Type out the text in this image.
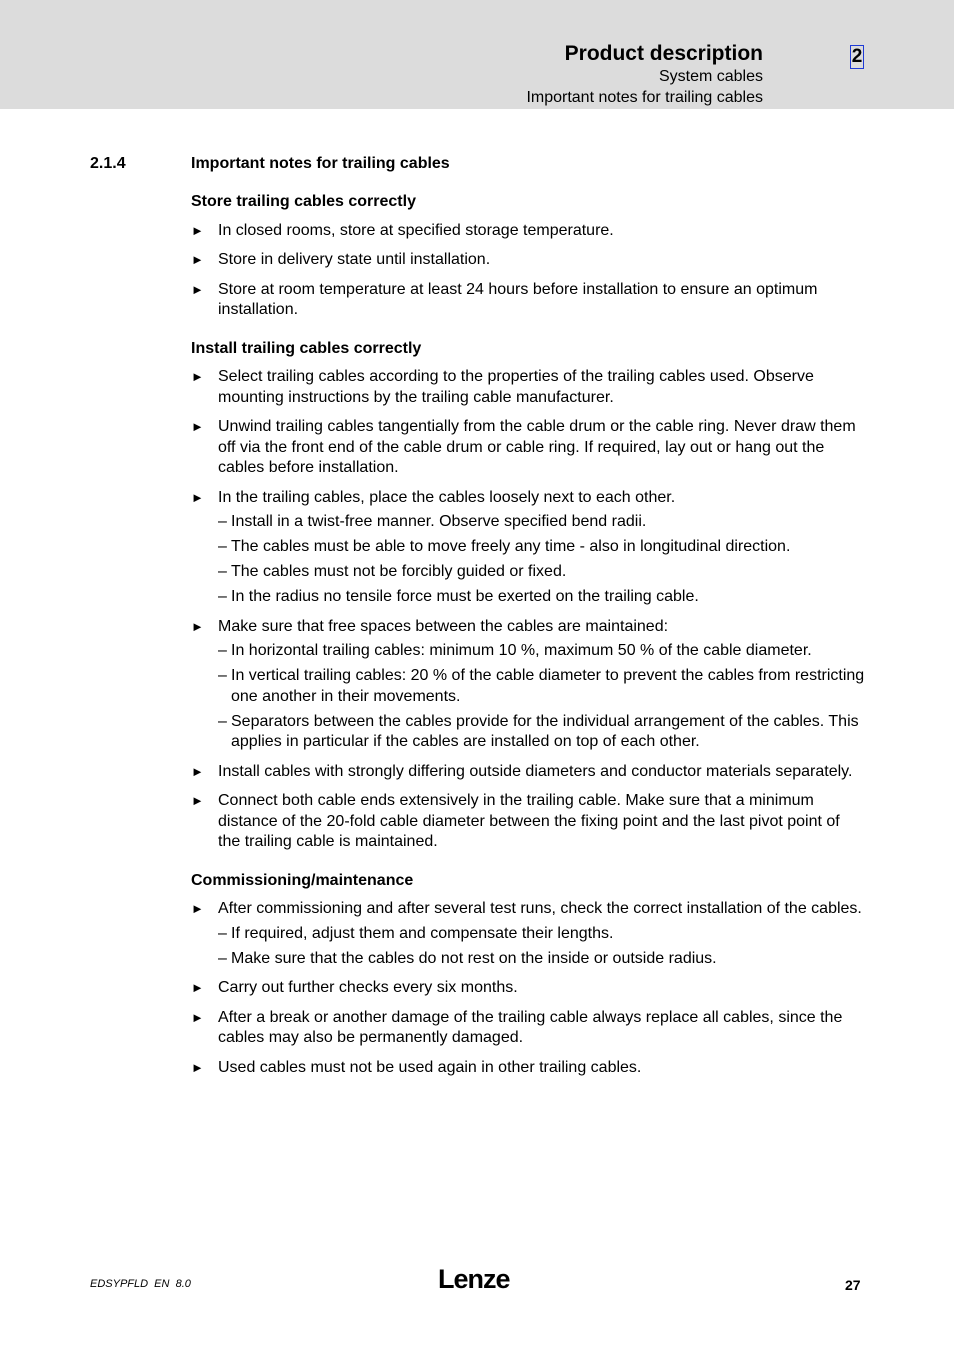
Product description
System cables
Important notes for trailing cables
2
2.1.4	Important notes for trailing cables
Store trailing cables correctly
► In closed rooms, store at specified storage temperature.
► Store in delivery state until installation.
► Store at room temperature at least 24 hours before installation to ensure an optimum installation.
Install trailing cables correctly
► Select trailing cables according to the properties of the trailing cables used. Observe mounting instructions by the trailing cable manufacturer.
► Unwind trailing cables tangentially from the cable drum or the cable ring. Never draw them off via the front end of the cable drum or cable ring. If required, lay out or hang out the cables before installation.
► In the trailing cables, place the cables loosely next to each other.
– Install in a twist-free manner. Observe specified bend radii.
– The cables must be able to move freely any time - also in longitudinal direction.
– The cables must not be forcibly guided or fixed.
– In the radius no tensile force must be exerted on the trailing cable.
► Make sure that free spaces between the cables are maintained:
– In horizontal trailing cables: minimum 10 %, maximum 50 % of the cable diameter.
– In vertical trailing cables: 20 % of the cable diameter to prevent the cables from restricting one another in their movements.
– Separators between the cables provide for the individual arrangement of the cables. This applies in particular if the cables are installed on top of each other.
► Install cables with strongly differing outside diameters and conductor materials separately.
► Connect both cable ends extensively in the trailing cable. Make sure that a minimum distance of the 20-fold cable diameter between the fixing point and the last pivot point of the trailing cable is maintained.
Commissioning/maintenance
► After commissioning and after several test runs, check the correct installation of the cables.
– If required, adjust them and compensate their lengths.
– Make sure that the cables do not rest on the inside or outside radius.
► Carry out further checks every six months.
► After a break or another damage of the trailing cable always replace all cables, since the cables may also be permanently damaged.
► Used cables must not be used again in other trailing cables.
EDSYPFLD  EN  8.0	Lenze	27
